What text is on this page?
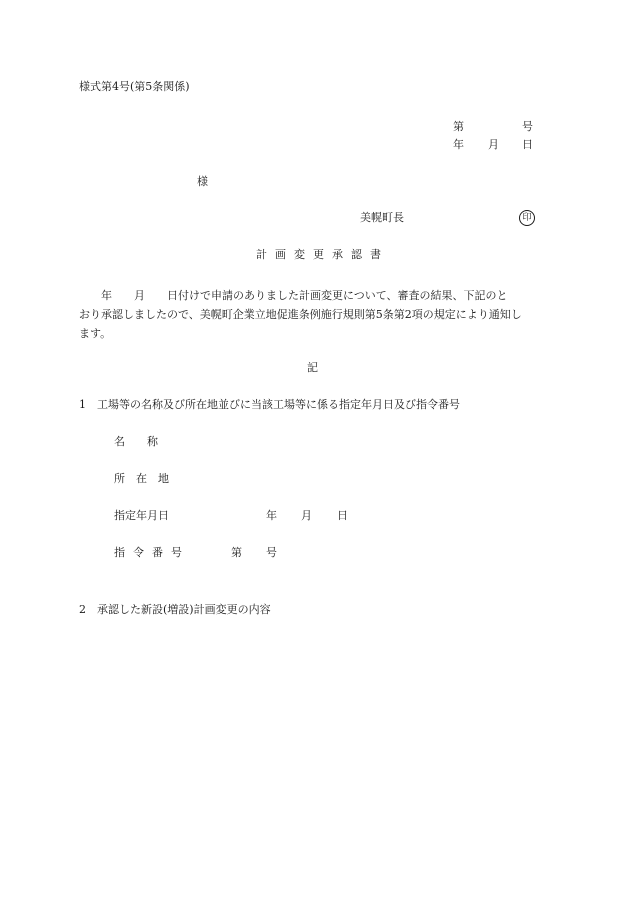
様式第4号(第5条関係)
第	号
年 月 日
様
美幌町長	印
計画変更承認書
　　年　　月　　日付けで申請のありました計画変更について、審査の結果、下記のと
おり承認しましたので、美幌町企業立地促進条例施行規則第5条第2項の規定により通知し
ます。
記
1　工場等の名称及び所在地並びに当該工場等に係る指定年月日及び指令番号
名　　称
所　在　地
指定年月日	年 月 日
指令番号	第 号
2　承認した新設(増設)計画変更の内容
